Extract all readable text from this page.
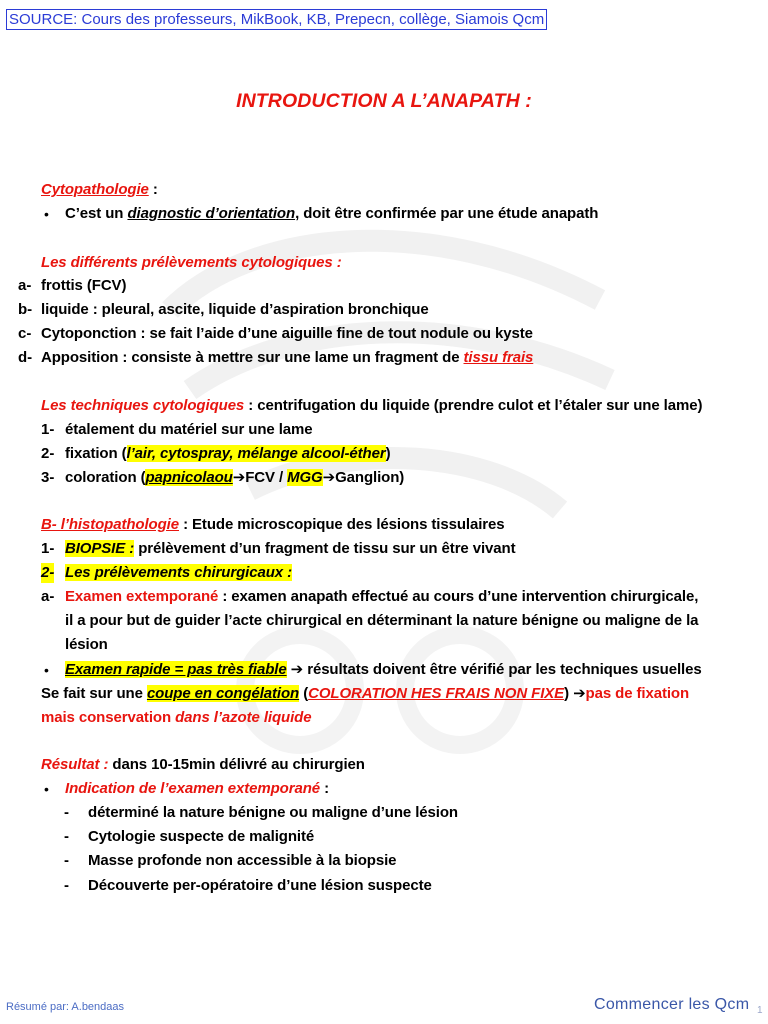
SOURCE: Cours des professeurs, MikBook, KB, Prepecn, collège, Siamois Qcm
INTRODUCTION A L’ANAPATH :
Cytopathologie :
• C’est un diagnostic d’orientation, doit être confirmée par une étude anapath
Les différents prélèvements cytologiques :
a- frottis (FCV)
b- liquide : pleural, ascite, liquide d’aspiration bronchique
c- Cytoponction : se fait l’aide d’une aiguille fine de tout nodule ou kyste
d- Apposition : consiste à mettre sur une lame un fragment de tissu frais
Les techniques cytologiques : centrifugation du liquide (prendre culot et l’étaler sur une lame)
1- étalement du matériel sur une lame
2- fixation (l’air, cytospray, mélange alcool-éther)
3- coloration (papnicolaou➔FCV / MGG➔Ganglion)
B- l’histopathologie : Etude microscopique des lésions tissulaires
1- BIOPSIE : prélèvement d’un fragment de tissu sur un être vivant
2- Les prélèvements chirurgicaux :
a- Examen extemporané : examen anapath effectué au cours d’une intervention chirurgicale,
il a pour but de guider l’acte chirurgical en déterminant la nature bénigne ou maligne de la
lésion
• Examen rapide = pas très fiable ➔ résultats doivent être vérifié par les techniques usuelles
Se fait sur une coupe en congélation (COLORATION HES FRAIS NON FIXE) ➔pas de fixation
mais conservation dans l’azote liquide
Résultat : dans 10-15min délivré au chirurgien
• Indication de l’examen extemporané :
- déterminé la nature bénigne ou maligne d’une lésion
- Cytologie suspecte de malignité
- Masse profonde non accessible à la biopsie
- Découverte per-opératoire d’une lésion suspecte
Résumé par: A.bendaas	Commencer les Qcm 1
